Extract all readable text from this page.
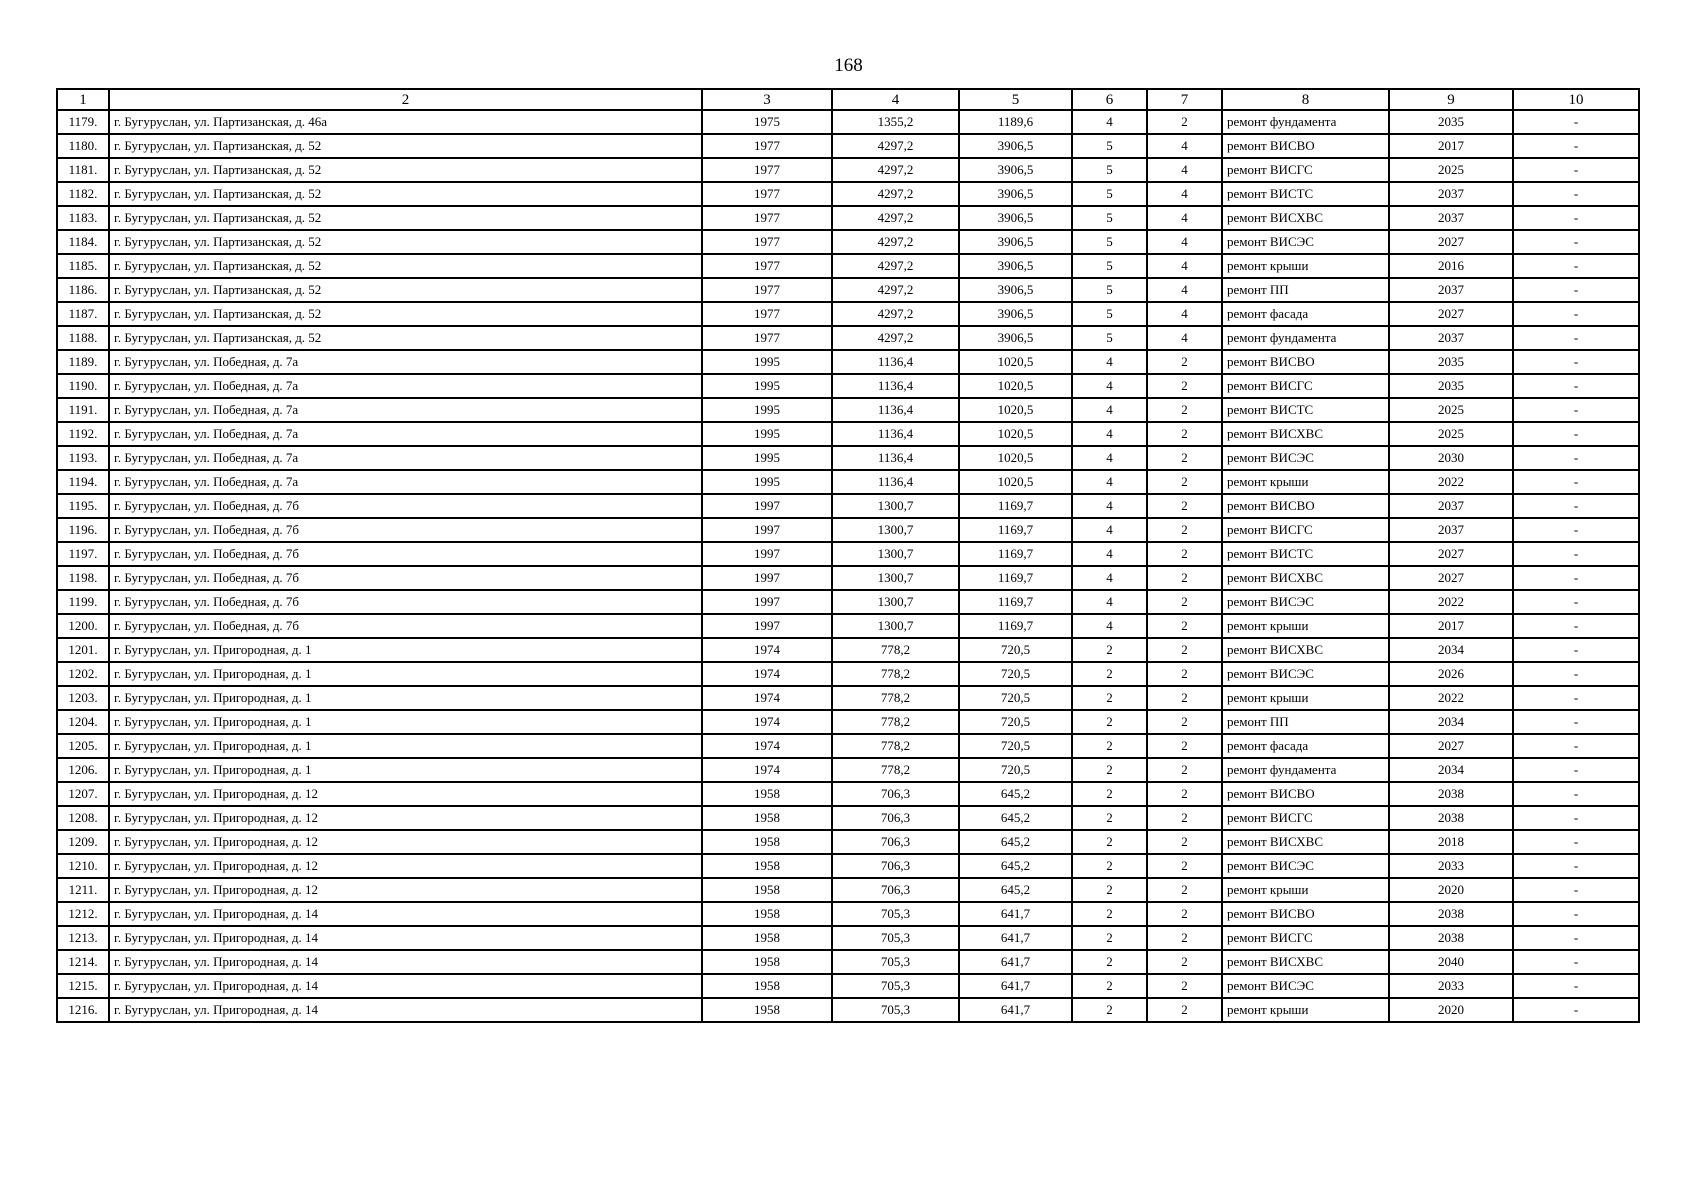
168
1	2	3	4	5	6	7	8	9	10
1179.	г. Бугуруслан, ул. Партизанская, д. 46а	1975	1355,2	1189,6	4	2	ремонт фундамента	2035	-
1180.	г. Бугуруслан, ул. Партизанская, д. 52	1977	4297,2	3906,5	5	4	ремонт ВИСВО	2017	-
1181.	г. Бугуруслан, ул. Партизанская, д. 52	1977	4297,2	3906,5	5	4	ремонт ВИСГС	2025	-
1182.	г. Бугуруслан, ул. Партизанская, д. 52	1977	4297,2	3906,5	5	4	ремонт ВИСТС	2037	-
1183.	г. Бугуруслан, ул. Партизанская, д. 52	1977	4297,2	3906,5	5	4	ремонт ВИСХВС	2037	-
1184.	г. Бугуруслан, ул. Партизанская, д. 52	1977	4297,2	3906,5	5	4	ремонт ВИСЭС	2027	-
1185.	г. Бугуруслан, ул. Партизанская, д. 52	1977	4297,2	3906,5	5	4	ремонт крыши	2016	-
1186.	г. Бугуруслан, ул. Партизанская, д. 52	1977	4297,2	3906,5	5	4	ремонт ПП	2037	-
1187.	г. Бугуруслан, ул. Партизанская, д. 52	1977	4297,2	3906,5	5	4	ремонт фасада	2027	-
1188.	г. Бугуруслан, ул. Партизанская, д. 52	1977	4297,2	3906,5	5	4	ремонт фундамента	2037	-
1189.	г. Бугуруслан, ул. Победная, д. 7а	1995	1136,4	1020,5	4	2	ремонт ВИСВО	2035	-
1190.	г. Бугуруслан, ул. Победная, д. 7а	1995	1136,4	1020,5	4	2	ремонт ВИСГС	2035	-
1191.	г. Бугуруслан, ул. Победная, д. 7а	1995	1136,4	1020,5	4	2	ремонт ВИСТС	2025	-
1192.	г. Бугуруслан, ул. Победная, д. 7а	1995	1136,4	1020,5	4	2	ремонт ВИСХВС	2025	-
1193.	г. Бугуруслан, ул. Победная, д. 7а	1995	1136,4	1020,5	4	2	ремонт ВИСЭС	2030	-
1194.	г. Бугуруслан, ул. Победная, д. 7а	1995	1136,4	1020,5	4	2	ремонт крыши	2022	-
1195.	г. Бугуруслан, ул. Победная, д. 7б	1997	1300,7	1169,7	4	2	ремонт ВИСВО	2037	-
1196.	г. Бугуруслан, ул. Победная, д. 7б	1997	1300,7	1169,7	4	2	ремонт ВИСГС	2037	-
1197.	г. Бугуруслан, ул. Победная, д. 7б	1997	1300,7	1169,7	4	2	ремонт ВИСТС	2027	-
1198.	г. Бугуруслан, ул. Победная, д. 7б	1997	1300,7	1169,7	4	2	ремонт ВИСХВС	2027	-
1199.	г. Бугуруслан, ул. Победная, д. 7б	1997	1300,7	1169,7	4	2	ремонт ВИСЭС	2022	-
1200.	г. Бугуруслан, ул. Победная, д. 7б	1997	1300,7	1169,7	4	2	ремонт крыши	2017	-
1201.	г. Бугуруслан, ул. Пригородная, д. 1	1974	778,2	720,5	2	2	ремонт ВИСХВС	2034	-
1202.	г. Бугуруслан, ул. Пригородная, д. 1	1974	778,2	720,5	2	2	ремонт ВИСЭС	2026	-
1203.	г. Бугуруслан, ул. Пригородная, д. 1	1974	778,2	720,5	2	2	ремонт крыши	2022	-
1204.	г. Бугуруслан, ул. Пригородная, д. 1	1974	778,2	720,5	2	2	ремонт ПП	2034	-
1205.	г. Бугуруслан, ул. Пригородная, д. 1	1974	778,2	720,5	2	2	ремонт фасада	2027	-
1206.	г. Бугуруслан, ул. Пригородная, д. 1	1974	778,2	720,5	2	2	ремонт фундамента	2034	-
1207.	г. Бугуруслан, ул. Пригородная, д. 12	1958	706,3	645,2	2	2	ремонт ВИСВО	2038	-
1208.	г. Бугуруслан, ул. Пригородная, д. 12	1958	706,3	645,2	2	2	ремонт ВИСГС	2038	-
1209.	г. Бугуруслан, ул. Пригородная, д. 12	1958	706,3	645,2	2	2	ремонт ВИСХВС	2018	-
1210.	г. Бугуруслан, ул. Пригородная, д. 12	1958	706,3	645,2	2	2	ремонт ВИСЭС	2033	-
1211.	г. Бугуруслан, ул. Пригородная, д. 12	1958	706,3	645,2	2	2	ремонт крыши	2020	-
1212.	г. Бугуруслан, ул. Пригородная, д. 14	1958	705,3	641,7	2	2	ремонт ВИСВО	2038	-
1213.	г. Бугуруслан, ул. Пригородная, д. 14	1958	705,3	641,7	2	2	ремонт ВИСГС	2038	-
1214.	г. Бугуруслан, ул. Пригородная, д. 14	1958	705,3	641,7	2	2	ремонт ВИСХВС	2040	-
1215.	г. Бугуруслан, ул. Пригородная, д. 14	1958	705,3	641,7	2	2	ремонт ВИСЭС	2033	-
1216.	г. Бугуруслан, ул. Пригородная, д. 14	1958	705,3	641,7	2	2	ремонт крыши	2020	-
